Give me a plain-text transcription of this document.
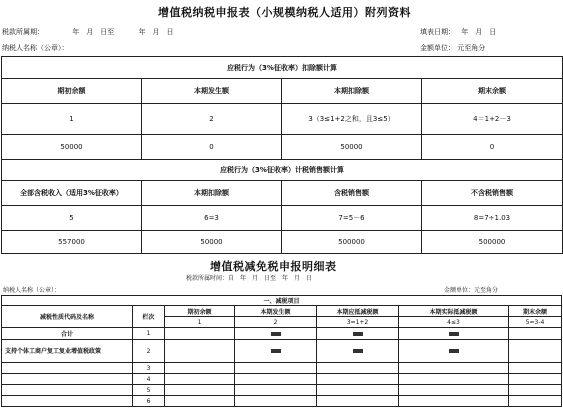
增值税纳税申报表（小规模纳税人适用）附列资料
税款所属期：	年　月　日至	年　月　日	填表日期： 年　月　日
纳税人名称（公章）：	金额单位： 元至角分
应税行为（3%征收率）扣除额计算			
期初余额	本期发生额	本期扣除额	期末余额
1	2	3（3≤1+2之和，且3≤5）	4＝1+2－3
50000	0	50000	0
应税行为（3%征收率）计税销售额计算			
全部含税收入（适用3%征收率）	本期扣除额	含税销售额	不含税销售额
5	6=3	7=5－6	8=7÷1.03
557000	50000	500000	500000
增值税减免税申报明细表
税款所属时间：自　年　月　日至　年　月　日
纳税人名称（公章）：	金额单位：元至角分
一、减税项目						
减税性质代码及名称	栏次	期初余额	本期发生额	本期应抵减税额	本期实际抵减税额	期末余额
		1	2	3=1+2	4≤3	5=3-4
合计	1					
支持个体工商户复工复业增值税政策	2					
	3					
	4					
	5					
	6					
